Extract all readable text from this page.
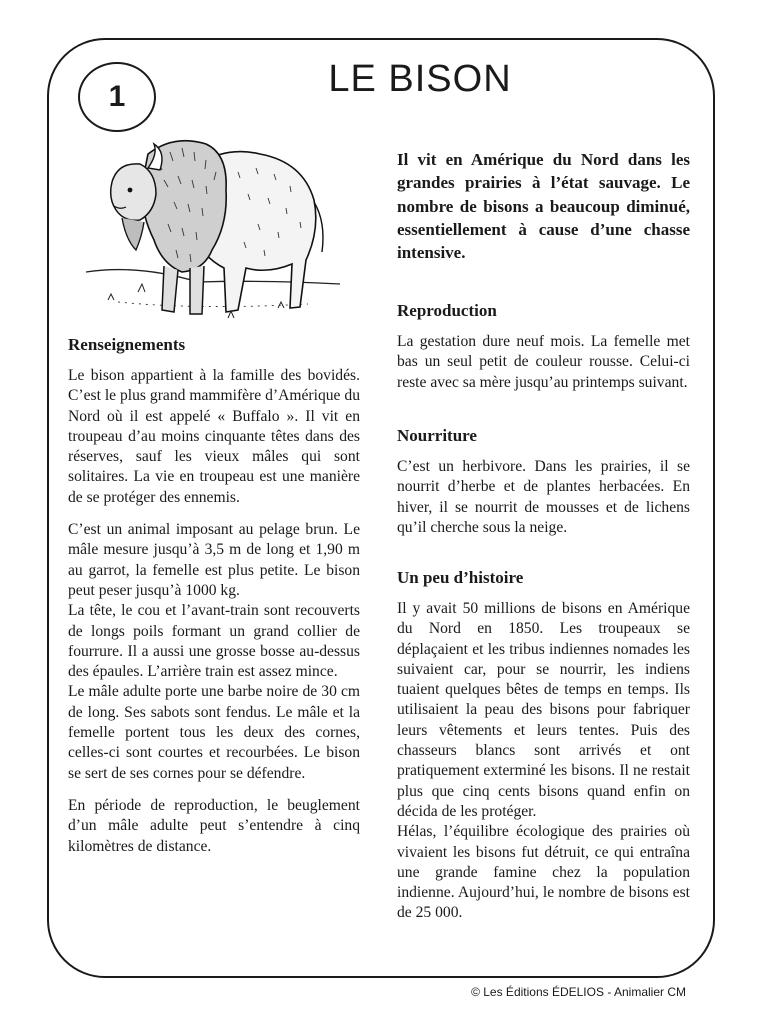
1	LE BISON
Il vit en Amérique du Nord dans les grandes prairies à l’état sauvage. Le nombre de bisons a beaucoup diminué, essentiellement à cause d’une chasse intensive.
Renseignements

Le bison appartient à la famille des bovidés. C’est le plus grand mammifère d’Amérique du Nord où il est appelé « Buffalo ». Il vit en troupeau d’au moins cinquante têtes dans des réserves, sauf les vieux mâles qui sont solitaires. La vie en troupeau est une manière de se protéger des ennemis.

C’est un animal imposant au pelage brun. Le mâle mesure jusqu’à 3,5 m de long et 1,90 m au garrot, la femelle est plus petite. Le bison peut peser jusqu’à 1000 kg.

La tête, le cou et l’avant-train sont recouverts de longs poils formant un grand collier de fourrure. Il a aussi une grosse bosse au-dessus des épaules. L’arrière train est assez mince.

Le mâle adulte porte une barbe noire de 30 cm de long. Ses sabots sont fendus. Le mâle et la femelle portent tous les deux des cornes, celles-ci sont courtes et recourbées. Le bison se sert de ses cornes pour se défendre.

En période de reproduction, le beuglement d’un mâle adulte peut s’entendre à cinq kilomètres de distance.

Reproduction

La gestation dure neuf mois. La femelle met bas un seul petit de couleur rousse. Celui-ci reste avec sa mère jusqu’au printemps suivant.

Nourriture

C’est un herbivore. Dans les prairies, il se nourrit d’herbe et de plantes herbacées. En hiver, il se nourrit de mousses et de lichens qu’il cherche sous la neige.

Un peu d’histoire

Il y avait 50 millions de bisons en Amérique du Nord en 1850. Les troupeaux se déplaçaient et les tribus indiennes nomades les suivaient car, pour se nourrir, les indiens tuaient quelques bêtes de temps en temps. Ils utilisaient la peau des bisons pour fabriquer leurs vêtements et leurs tentes. Puis des chasseurs blancs sont arrivés et ont pratiquement exterminé les bisons. Il ne restait plus que cinq cents bisons quand enfin on décida de les protéger.

Hélas, l’équilibre écologique des prairies où vivaient les bisons fut détruit, ce qui entraîna une grande famine chez la population indienne. Aujourd’hui, le nombre de bisons est de 25 000.

© Les Éditions ÉDELIOS - Animalier CM
